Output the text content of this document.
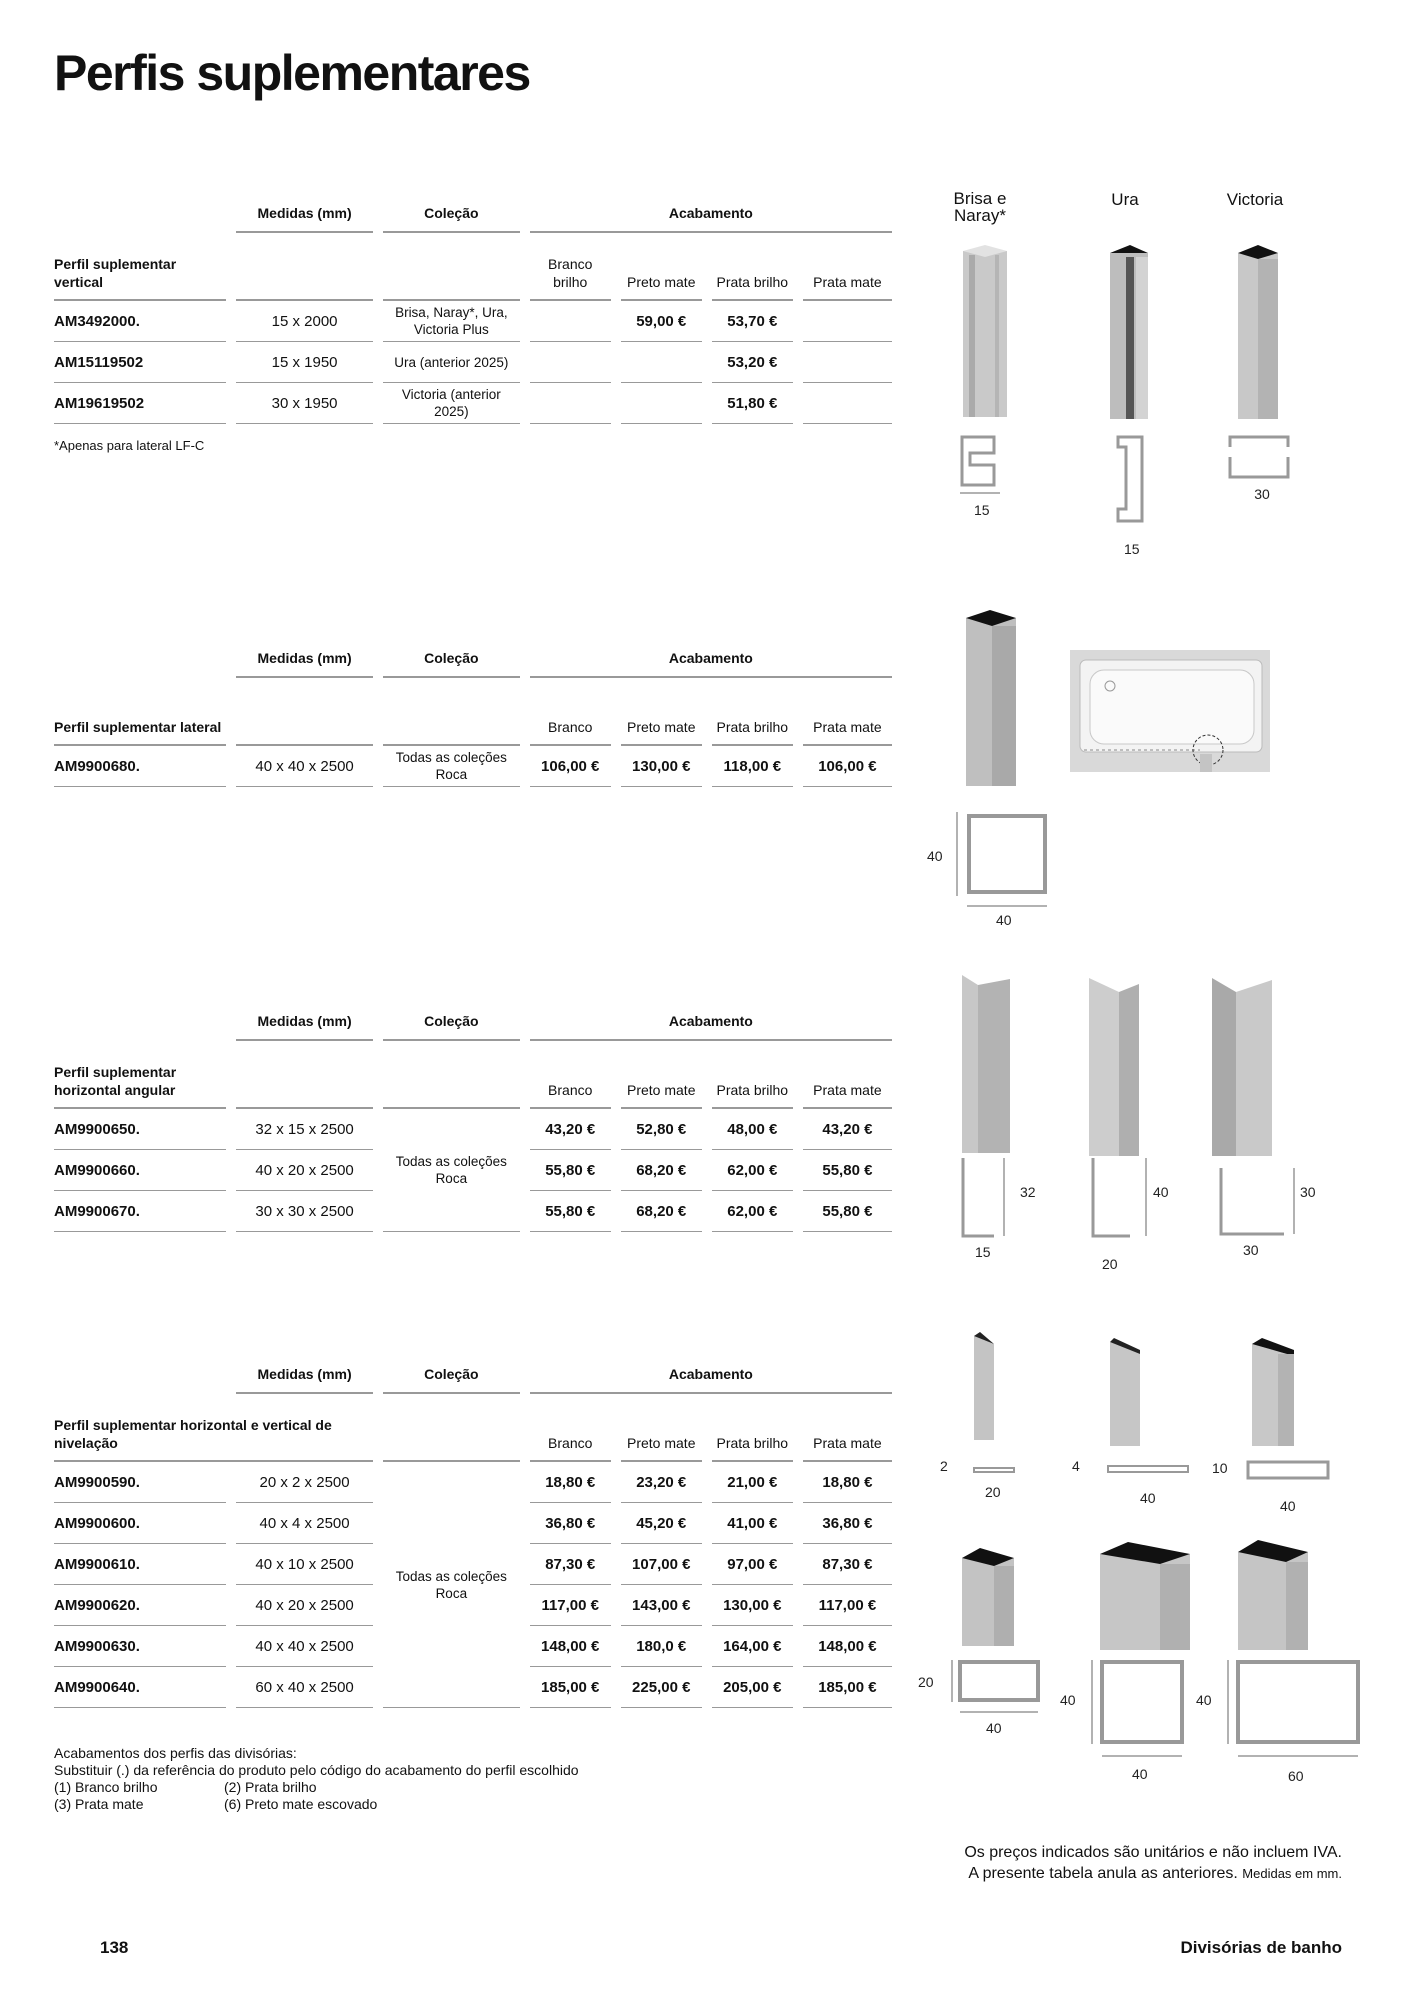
Perfis suplementares
	Medidas (mm)	Coleção	Acabamento			
Perfil suplementar vertical			Branco brilho	Preto mate	Prata brilho	Prata mate
AM3492000.	15 x 2000	Brisa, Naray*, Ura, Victoria Plus		59,00 €	53,70 €	
AM15119502	15 x 1950	Ura (anterior 2025)			53,20 €	
AM19619502	30 x 1950	Victoria (anterior 2025)			51,80 €	
*Apenas para lateral LF-C
Brisa e Naray*
Ura	Victoria
15
15
30
	Medidas (mm)	Coleção	Acabamento			
Perfil suplementar lateral			Branco	Preto mate	Prata brilho	Prata mate
AM9900680.	40 x 40 x 2500	Todas as coleções Roca	106,00 €	130,00 €	118,00 €	106,00 €
40
40
	Medidas (mm)	Coleção	Acabamento			
Perfil suplementar horizontal angular			Branco	Preto mate	Prata brilho	Prata mate
AM9900650.	32 x 15 x 2500	Todas as coleções Roca	43,20 €	52,80 €	48,00 €	43,20 €
AM9900660.	40 x 20 x 2500		55,80 €	68,20 €	62,00 €	55,80 €
AM9900670.	30 x 30 x 2500		55,80 €	68,20 €	62,00 €	55,80 €
32
15
40
20
30
30
	Medidas (mm)	Coleção	Acabamento			
Perfil suplementar horizontal e vertical de nivelação			Branco	Preto mate	Prata brilho	Prata mate
AM9900590.	20 x 2 x 2500	Todas as coleções Roca	18,80 €	23,20 €	21,00 €	18,80 €
AM9900600.	40 x 4 x 2500		36,80 €	45,20 €	41,00 €	36,80 €
AM9900610.	40 x 10 x 2500		87,30 €	107,00 €	97,00 €	87,30 €
AM9900620.	40 x 20 x 2500		117,00 €	143,00 €	130,00 €	117,00 €
AM9900630.	40 x 40 x 2500		148,00 €	180,0 €	164,00 €	148,00 €
AM9900640.	60 x 40 x 2500		185,00 €	225,00 €	205,00 €	185,00 €
2
20
4
40
10
40
20
40
40
40
40
60
Acabamentos dos perfis das divisórias:
Substituir (.) da referência do produto pelo código do acabamento do perfil escolhido
(1) Branco brilho	(2) Prata brilho
(3) Prata mate	(6) Preto mate escovado
Os preços indicados são unitários e não incluem IVA.
A presente tabela anula as anteriores. Medidas em mm.
138	Divisórias de banho
